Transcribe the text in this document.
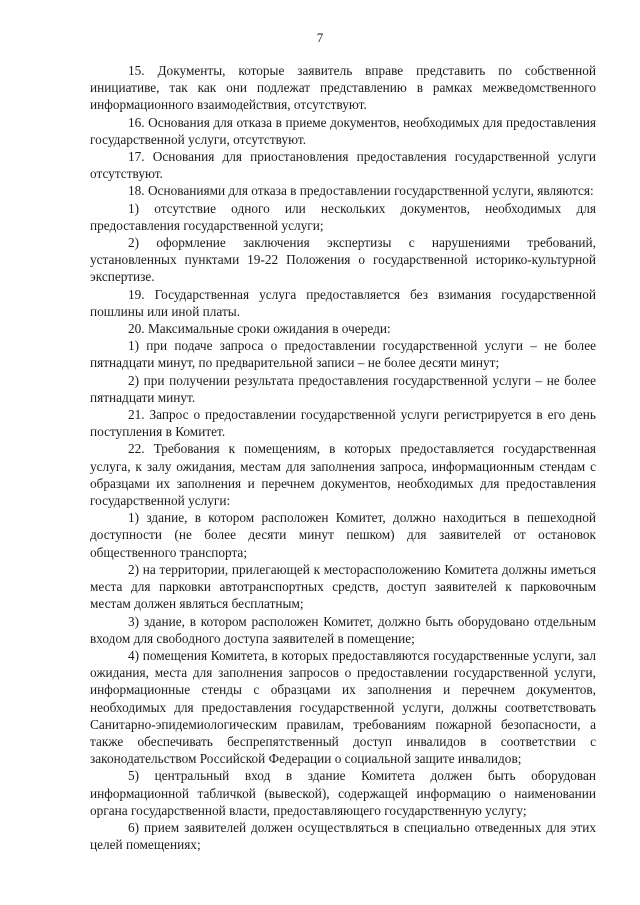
7

15. Документы, которые заявитель вправе представить по собственной инициативе, так как они подлежат представлению в рамках межведомственного информационного взаимодействия, отсутствуют.

16. Основания для отказа в приеме документов, необходимых для предоставления государственной услуги, отсутствуют.

17. Основания для приостановления предоставления государственной услуги отсутствуют.

18. Основаниями для отказа в предоставлении государственной услуги, являются:

1) отсутствие одного или нескольких документов, необходимых для предоставления государственной услуги;

2) оформление заключения экспертизы с нарушениями требований, установленных пунктами 19-22 Положения о государственной историко-культурной экспертизе.

19. Государственная услуга предоставляется без взимания государственной пошлины или иной платы.

20. Максимальные сроки ожидания в очереди:

1) при подаче запроса о предоставлении государственной услуги – не более пятнадцати минут, по предварительной записи – не более десяти минут;

2) при получении результата предоставления государственной услуги – не более пятнадцати минут.

21. Запрос о предоставлении государственной услуги регистрируется в его день поступления в Комитет.

22. Требования к помещениям, в которых предоставляется государственная услуга, к залу ожидания, местам для заполнения запроса, информационным стендам с образцами их заполнения и перечнем документов, необходимых для предоставления государственной услуги:

1) здание, в котором расположен Комитет, должно находиться в пешеходной доступности (не более десяти минут пешком) для заявителей от остановок общественного транспорта;

2) на территории, прилегающей к месторасположению Комитета должны иметься места для парковки автотранспортных средств, доступ заявителей к парковочным местам должен являться бесплатным;

3) здание, в котором расположен Комитет, должно быть оборудовано отдельным входом для свободного доступа заявителей в помещение;

4) помещения Комитета, в которых предоставляются государственные услуги, зал ожидания, места для заполнения запросов о предоставлении государственной услуги, информационные стенды с образцами их заполнения и перечнем документов, необходимых для предоставления государственной услуги, должны соответствовать Санитарно-эпидемиологическим правилам, требованиям пожарной безопасности, а также обеспечивать беспрепятственный доступ инвалидов в соответствии с законодательством Российской Федерации о социальной защите инвалидов;

5) центральный вход в здание Комитета должен быть оборудован информационной табличкой (вывеской), содержащей информацию о наименовании органа государственной власти, предоставляющего государственную услугу;

6) прием заявителей должен осуществляться в специально отведенных для этих целей помещениях;
